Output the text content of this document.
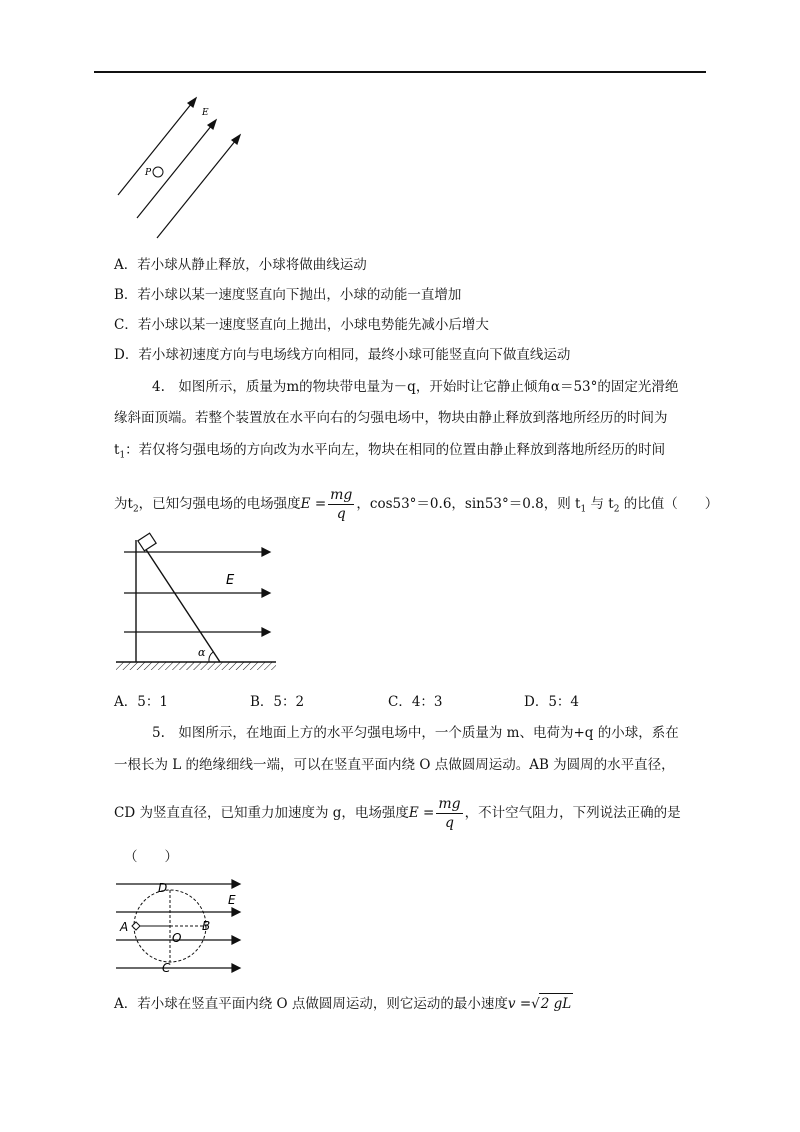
P
E
A．若小球从静止释放，小球将做曲线运动
B．若小球以某一速度竖直向下抛出，小球的动能一直增加
C．若小球以某一速度竖直向上抛出，小球电势能先减小后增大
D．若小球初速度方向与电场线方向相同，最终小球可能竖直向下做直线运动
4.　如图所示，质量为m的物块带电量为－q，开始时让它静止倾角α＝53°的固定光滑绝
缘斜面顶端。若整个装置放在水平向右的匀强电场中，物块由静止释放到落地所经历的时间为
$t_1$：若仅将匀强电场的方向改为水平向左，物块在相同的位置由静止释放到落地所经历的时间
为$t_2$，已知匀强电场的电场强度$E = \frac{mg}{q}$ ，cos53°＝0.6，sin53°＝0.8，则 $t_1$ 与 $t_2$ 的比值（　　）
α
E
A．5：1	B．5：2	C．4：3	D．5：4
5.　如图所示，在地面上方的水平匀强电场中，一个质量为 m、电荷为+q 的小球，系在
一根长为 L 的绝缘细线一端，可以在竖直平面内绕 O 点做圆周运动。AB 为圆周的水平直径，
CD 为竖直直径，已知重力加速度为 g，电场强度$E = \frac{mg}{q}$ ，不计空气阻力，下列说法正确的是
（　　）
D
E
A	B
O
C
A．若小球在竖直平面内绕 O 点做圆周运动，则它运动的最小速度v =√2 gL
